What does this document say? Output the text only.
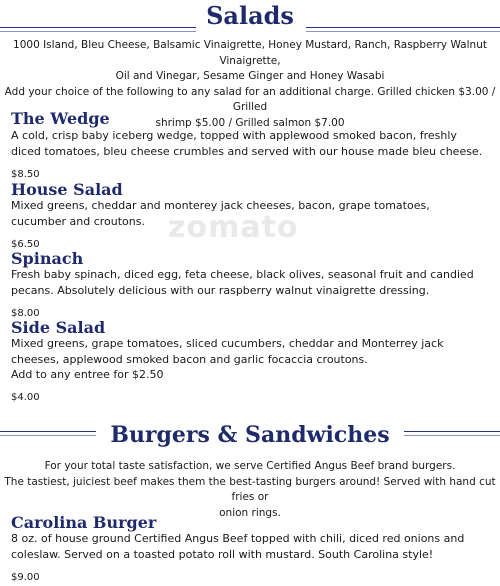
zomato
Salads

1000 Island, Bleu Cheese, Balsamic Vinaigrette, Honey Mustard, Ranch, Raspberry Walnut Vinaigrette,

Oil and Vinegar, Sesame Ginger and Honey Wasabi

Add your choice of the following to any salad for an additional charge. Grilled chicken $3.00 / Grilled

shrimp $5.00 / Grilled salmon $7.00

The Wedge

A cold, crisp baby iceberg wedge, topped with applewood smoked bacon, freshly diced tomatoes, bleu cheese crumbles and served with our house made bleu cheese.

$8.50

House Salad

Mixed greens, cheddar and monterey jack cheeses, bacon, grape tomatoes, cucumber and croutons.

$6.50

Spinach

Fresh baby spinach, diced egg, feta cheese, black olives, seasonal fruit and candied pecans. Absolutely delicious with our raspberry walnut vinaigrette dressing.

$8.00

Side Salad

Mixed greens, grape tomatoes, sliced cucumbers, cheddar and Monterrey jack cheeses, applewood smoked bacon and garlic focaccia croutons.

Add to any entree for $2.50

$4.00

Burgers & Sandwiches

For your total taste satisfaction, we serve Certified Angus Beef brand burgers.

The tastiest, juiciest beef makes them the best-tasting burgers around! Served with hand cut fries or

onion rings.

Carolina Burger

8 oz. of house ground Certified Angus Beef topped with chili, diced red onions and coleslaw. Served on a toasted potato roll with mustard. South Carolina style!

$9.00
